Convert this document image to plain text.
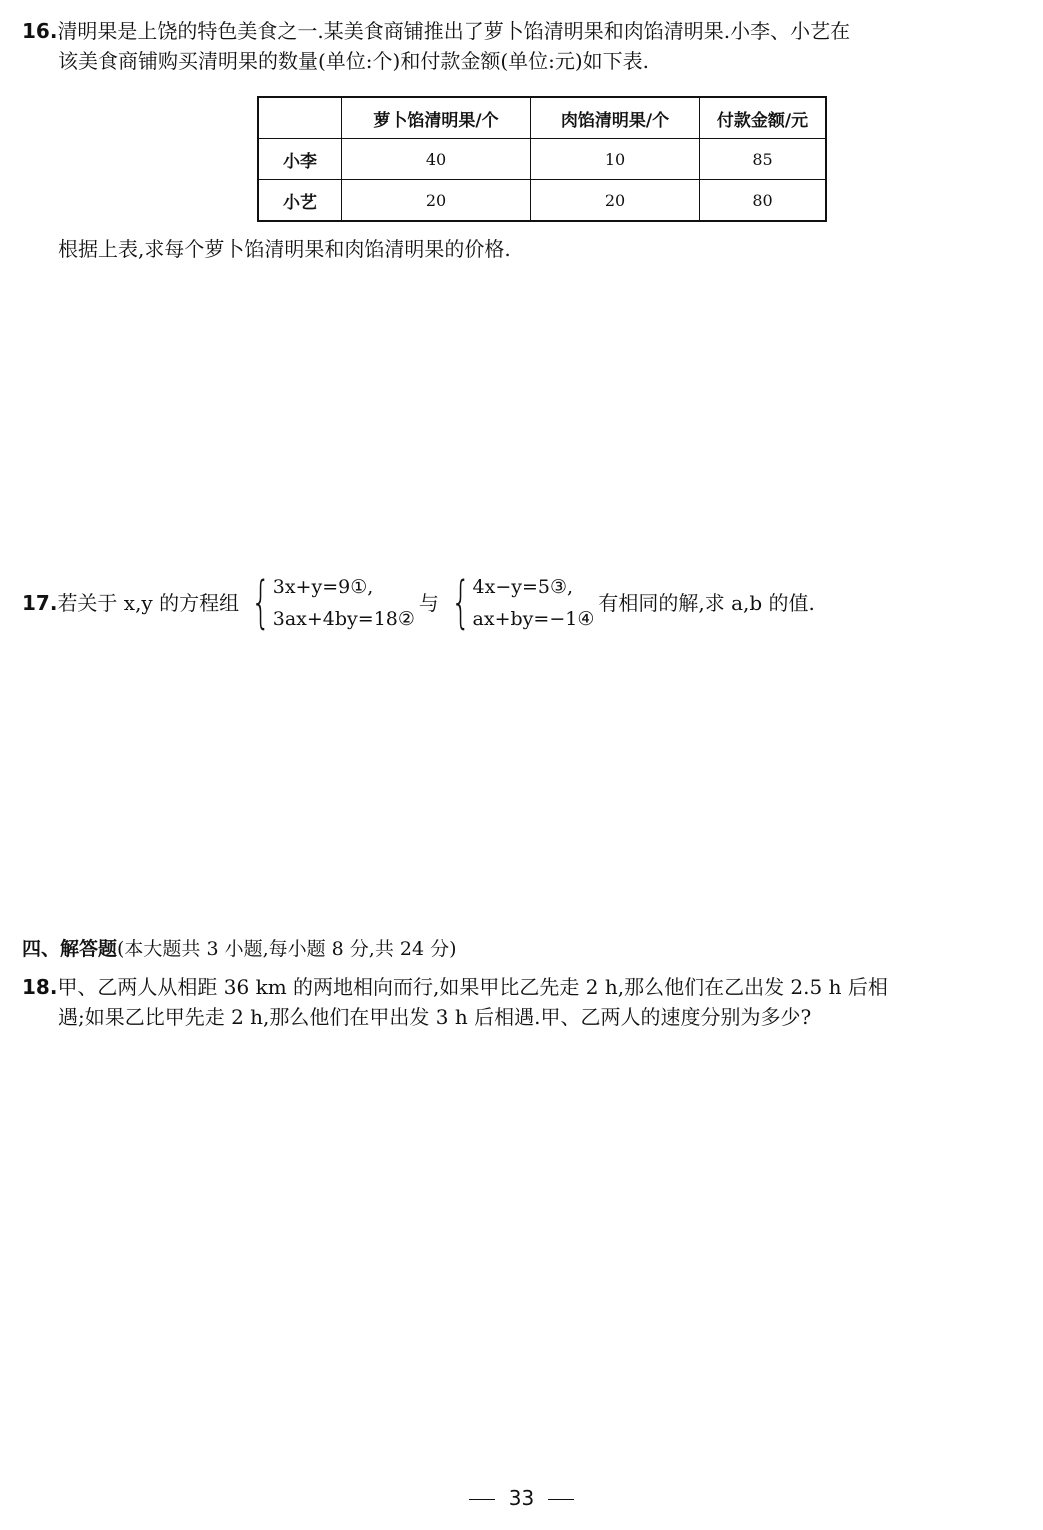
16.清明果是上饶的特色美食之一.某美食商铺推出了萝卜馅清明果和肉馅清明果.小李、小艺在
该美食商铺购买清明果的数量(单位:个)和付款金额(单位:元)如下表.
	萝卜馅清明果/个	肉馅清明果/个	付款金额/元
小李	40	10	85
小艺	20	20	80
根据上表,求每个萝卜馅清明果和肉馅清明果的价格.
17. 若关于 x,y 的方程组 { 3x+y=9①,
3ax+4by=18②
与 { 4x−y=5③,
ax+by=−1④
有相同的解,求 a,b 的值.
四、解答题(本大题共 3 小题,每小题 8 分,共 24 分)
18.甲、乙两人从相距 36 km 的两地相向而行,如果甲比乙先走 2 h,那么他们在乙出发 2.5 h 后相
遇;如果乙比甲先走 2 h,那么他们在甲出发 3 h 后相遇.甲、乙两人的速度分别为多少?
33
